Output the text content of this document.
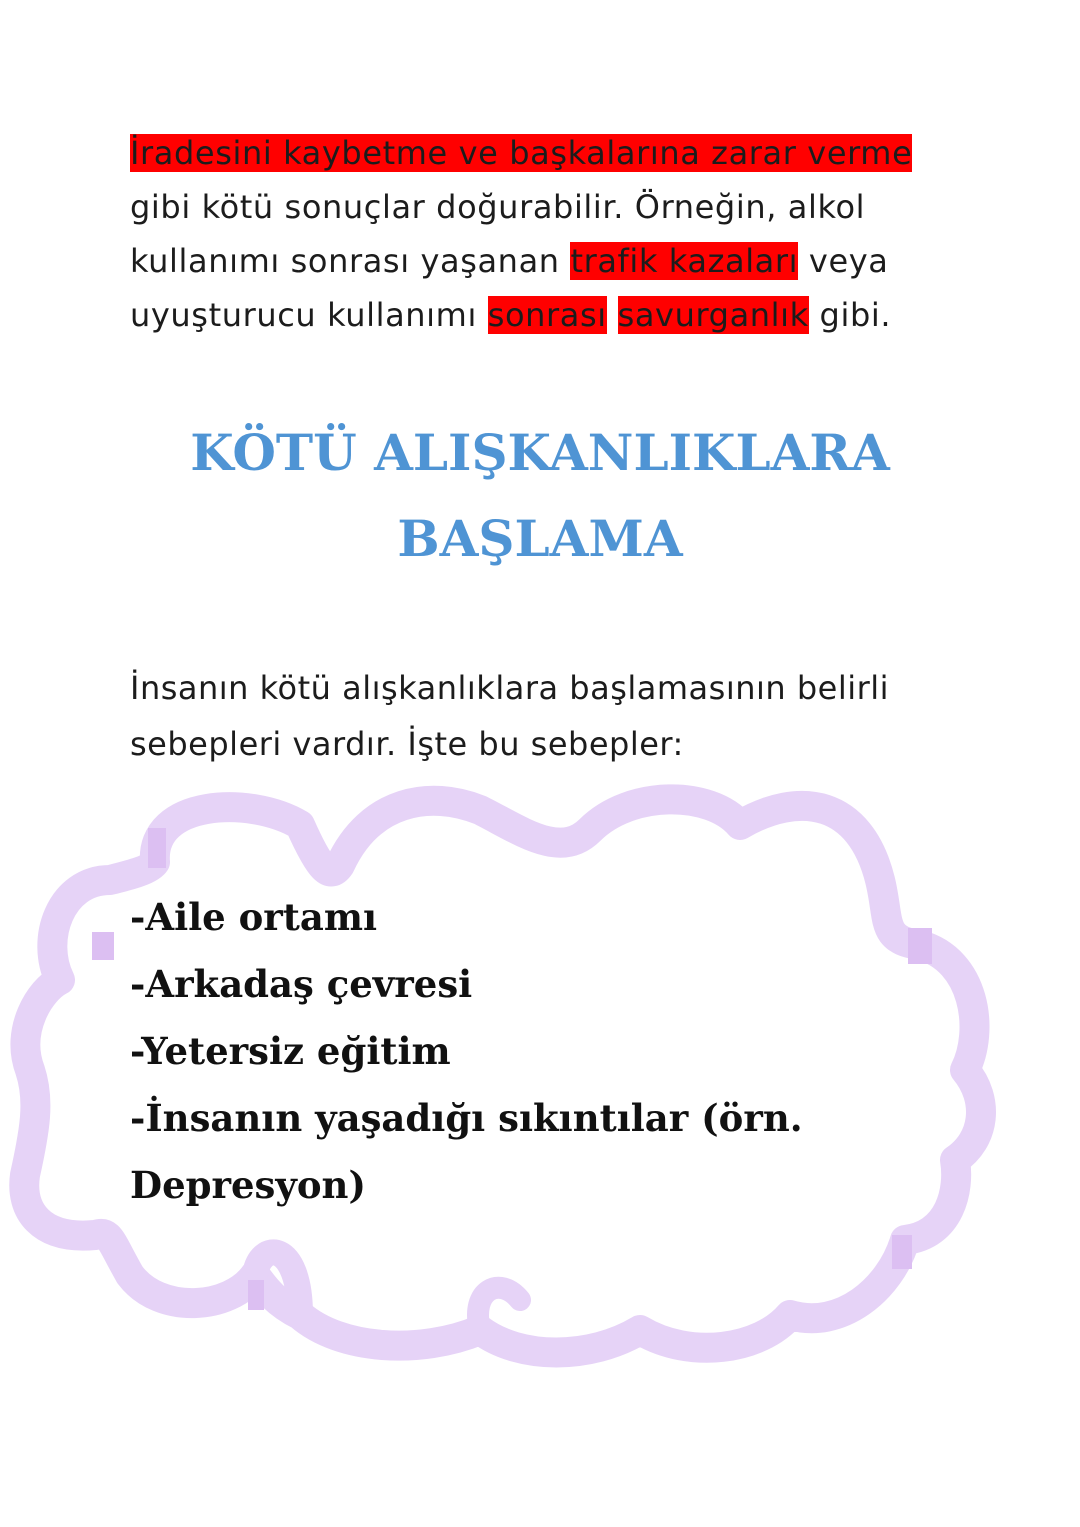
İradesini kaybetme ve başkalarına zarar verme
gibi kötü sonuçlar doğurabilir. Örneğin, alkol
kullanımı sonrası yaşanan trafik kazaları veya
uyuşturucu kullanımı sonrası savurganlık gibi.
KÖTÜ ALIŞKANLIKLARA
BAŞLAMA
İnsanın kötü alışkanlıklara başlamasının belirli
sebepleri vardır. İşte bu sebepler:
-Aile ortamı
-Arkadaş çevresi
-Yetersiz eğitim
-İnsanın yaşadığı sıkıntılar (örn.
Depresyon)
